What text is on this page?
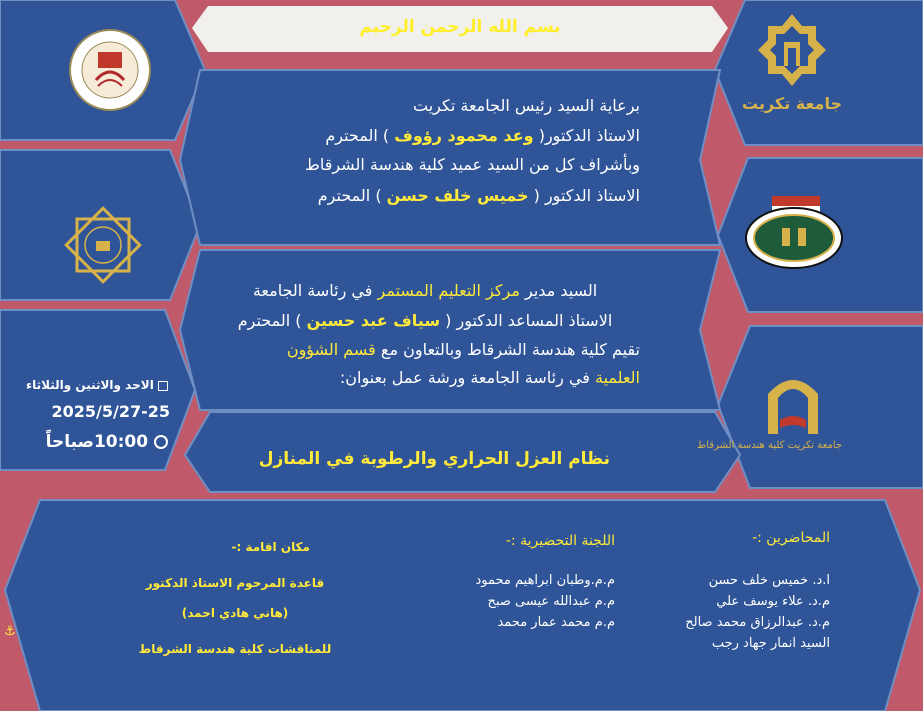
بسم الله الرحمن الرحيم
جامعة تكريت
جامعة تكريت كلية هندسة الشرقاط
برعاية السيد رئيس الجامعة تكريت
الاستاذ الدكتور( وعد محمود رؤوف ) المحترم
وبأشراف كل من السيد عميد كلية هندسة الشرقاط
الاستاذ الدكتور ( خميس خلف حسن ) المحترم
السيد مدير مركز التعليم المستمر في رئاسة الجامعة
الاستاذ المساعد الدكتور ( سياف عبد حسين ) المحترم
تقيم كلية هندسة الشرقاط وبالتعاون مع قسم الشؤون
العلمية في رئاسة الجامعة ورشة عمل بعنوان:
الاحد والاثنين والثلاثاء
2025/5/27-25
10:00صباحاً
نظام العزل الحراري والرطوبة في المنازل
المحاضرين :-
ا.د. خميس خلف حسن
م.د. علاء يوسف علي
م.د. عبدالرزاق محمد صالح
السيد انمار جهاد رجب
اللجنة التحضيرية :-
م.م.وطبان ابراهيم محمود
م.م عبدالله عيسى صبح
م.م محمد عمار محمد
مكان اقامة :-
قاعدة المرحوم الاستاذ الدكتور
(هاني هادي احمد)
للمناقشات كلية هندسة الشرقاط
⚓
